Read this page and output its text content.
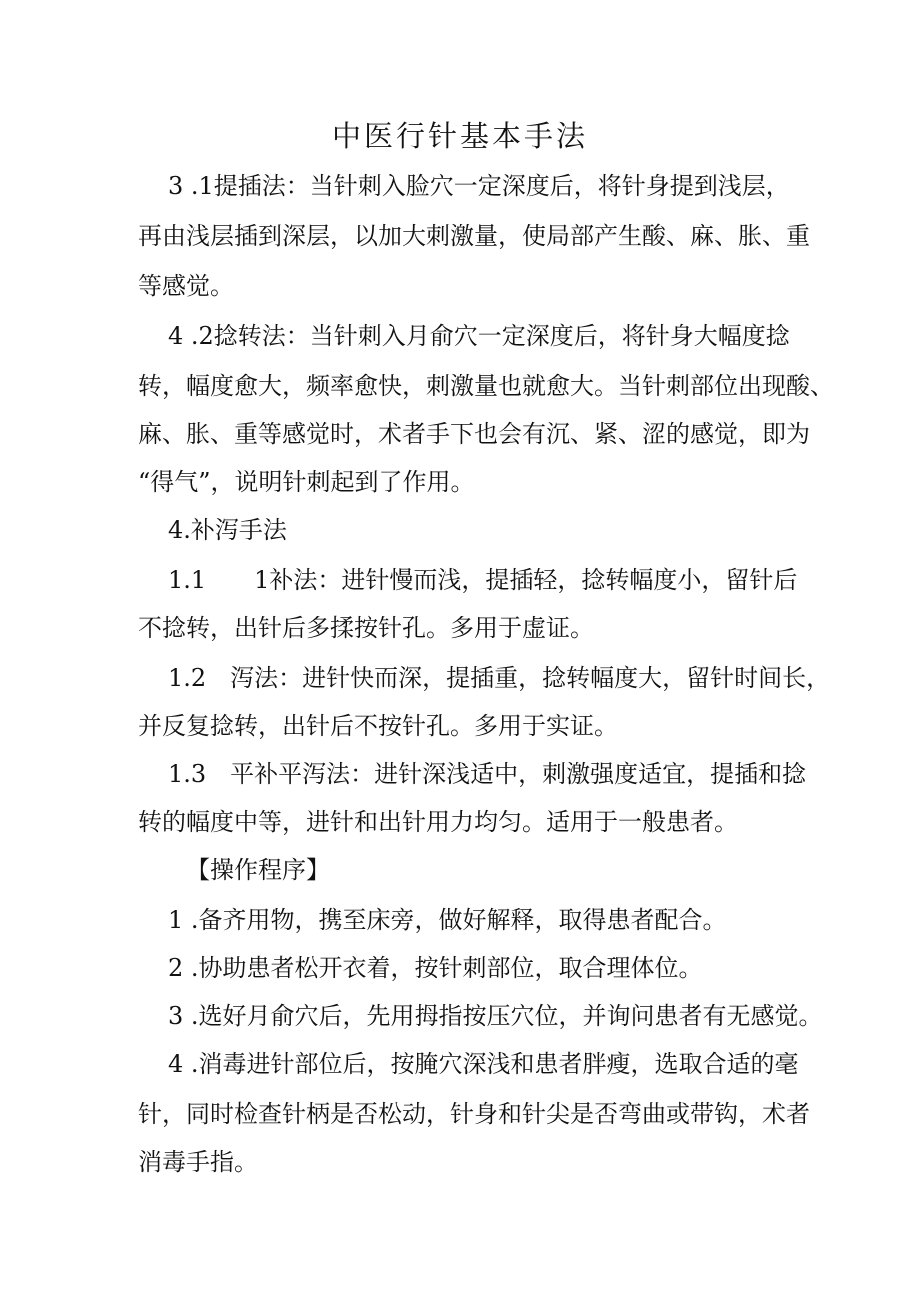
中医行针基本手法
3 .1提插法：当针刺入脸穴一定深度后，将针身提到浅层，
再由浅层插到深层，以加大刺激量，使局部产生酸、麻、胀、重
等感觉。
4 .2捻转法：当针刺入月俞穴一定深度后，将针身大幅度捻
转，幅度愈大，频率愈快，刺激量也就愈大。当针刺部位出现酸、
麻、胀、重等感觉时，术者手下也会有沉、紧、涩的感觉，即为
“得气”，说明针刺起到了作用。
4.补泻手法
1.1　　1补法：进针慢而浅，提插轻，捻转幅度小，留针后
不捻转，出针后多揉按针孔。多用于虚证。
1.2　泻法：进针快而深，提插重，捻转幅度大，留针时间长，
并反复捻转，出针后不按针孔。多用于实证。
1.3　平补平泻法：进针深浅适中，刺激强度适宜，提插和捻
转的幅度中等，进针和出针用力均匀。适用于一般患者。
【操作程序】
1 .备齐用物，携至床旁，做好解释，取得患者配合。
2 .协助患者松开衣着，按针刺部位，取合理体位。
3 .选好月俞穴后，先用拇指按压穴位，并询问患者有无感觉。
4 .消毒进针部位后，按腌穴深浅和患者胖瘦，选取合适的毫
针，同时检查针柄是否松动，针身和针尖是否弯曲或带钩，术者
消毒手指。
